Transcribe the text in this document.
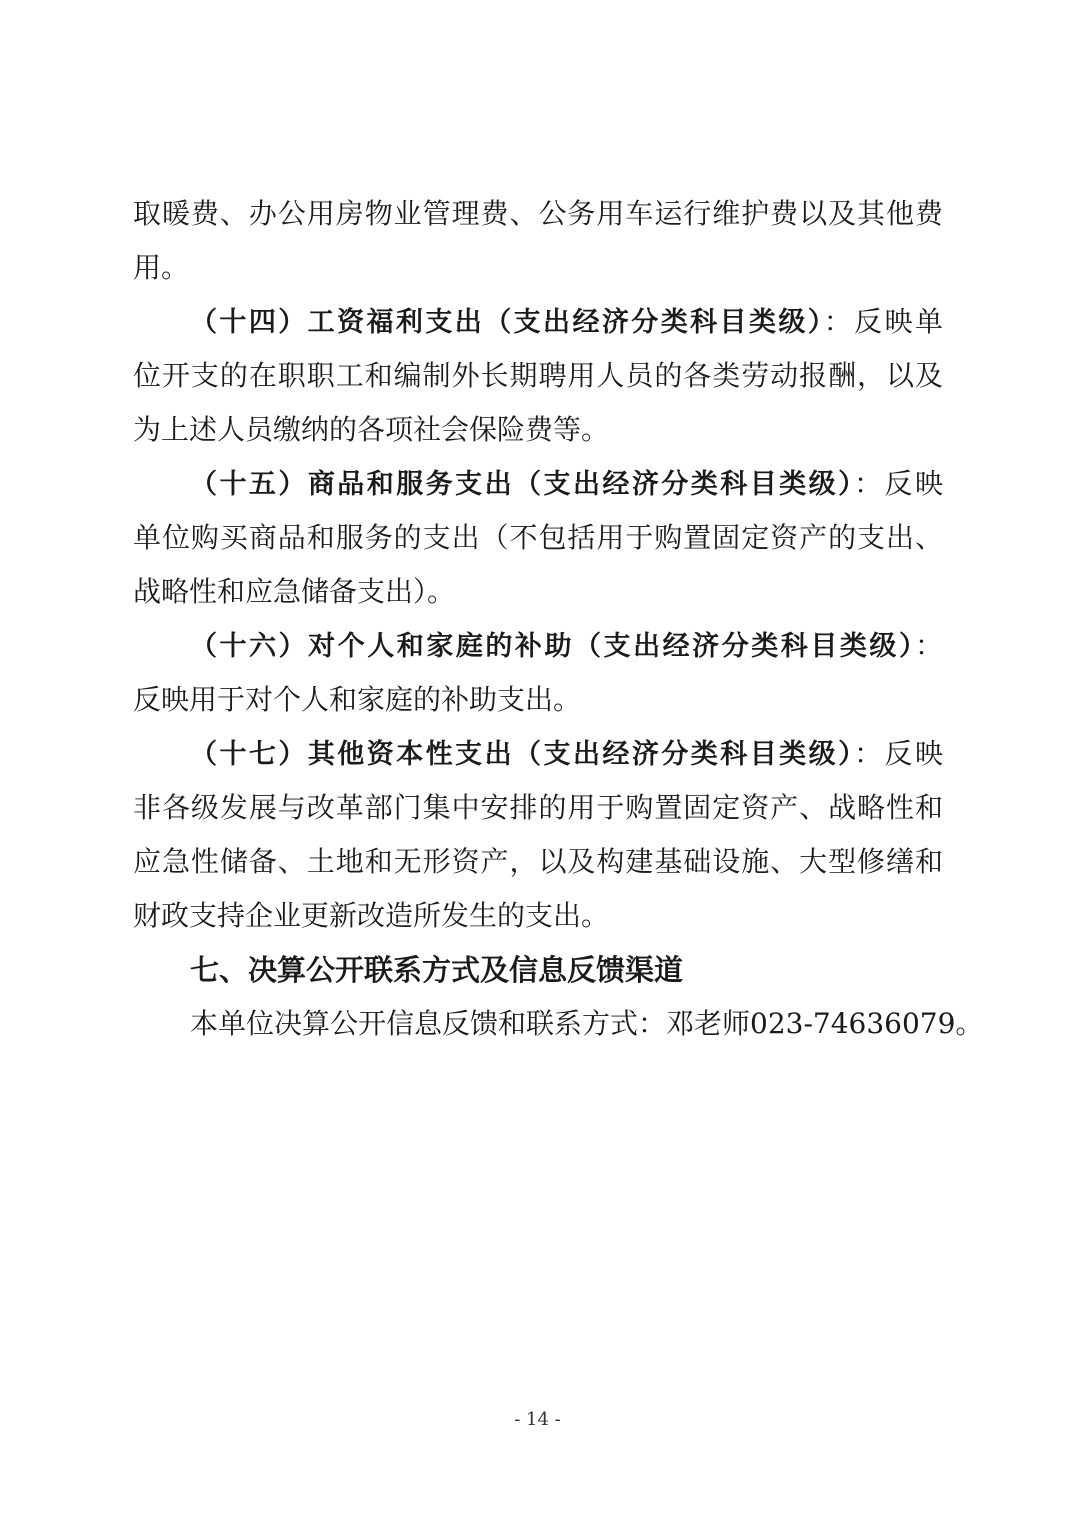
取暖费、办公用房物业管理费、公务用车运行维护费以及其他费
用。
（十四）工资福利支出（支出经济分类科目类级）：反映单
位开支的在职职工和编制外长期聘用人员的各类劳动报酬，以及
为上述人员缴纳的各项社会保险费等。
（十五）商品和服务支出（支出经济分类科目类级）：反映
单位购买商品和服务的支出（不包括用于购置固定资产的支出、
战略性和应急储备支出）。
（十六）对个人和家庭的补助（支出经济分类科目类级）：
反映用于对个人和家庭的补助支出。
（十七）其他资本性支出（支出经济分类科目类级）：反映
非各级发展与改革部门集中安排的用于购置固定资产、战略性和
应急性储备、土地和无形资产，以及构建基础设施、大型修缮和
财政支持企业更新改造所发生的支出。
七、决算公开联系方式及信息反馈渠道
本单位决算公开信息反馈和联系方式：邓老师023-74636079。
- 14 -
